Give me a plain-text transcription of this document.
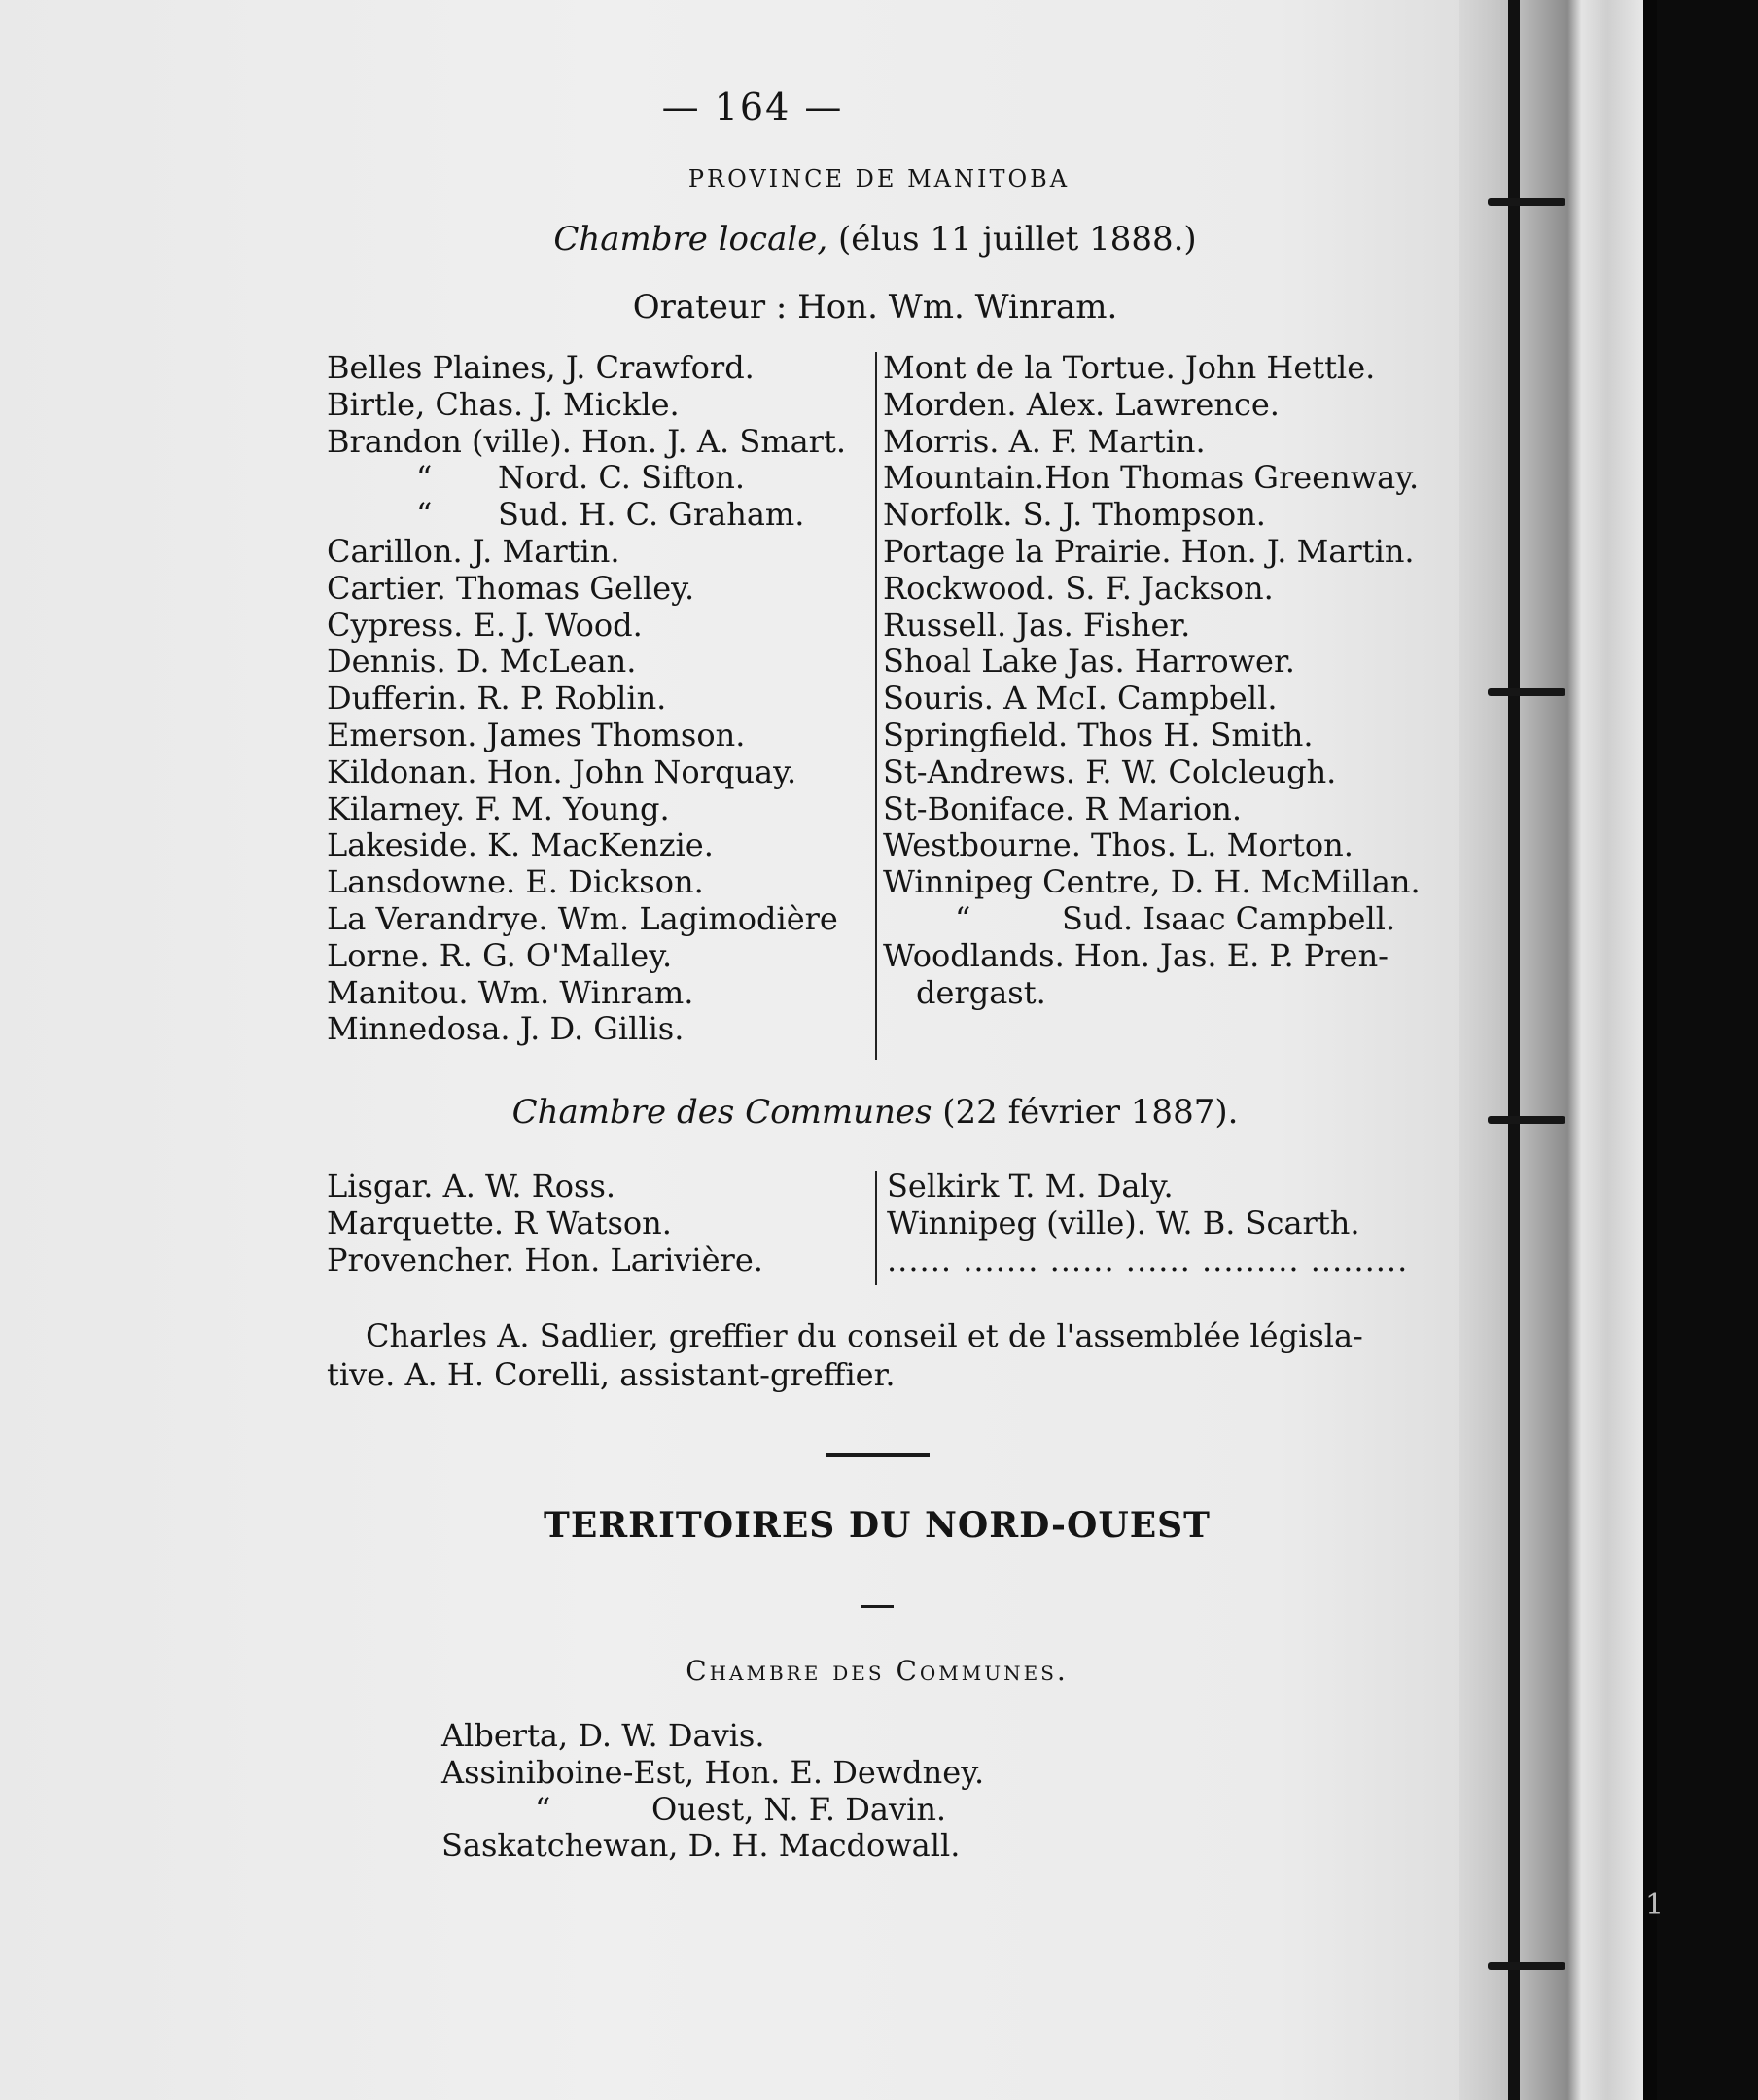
— 164 —
PROVINCE DE MANITOBA
Chambre locale, (élus 11 juillet 1888.)
Orateur : Hon. Wm. Winram.
Belles Plaines, J. Crawford.
Birtle, Chas. J. Mickle.
Brandon (ville). Hon. J. A. Smart.
“ Nord. C. Sifton.
“ Sud. H. C. Graham.
Carillon. J. Martin.
Cartier. Thomas Gelley.
Cypress. E. J. Wood.
Dennis. D. McLean.
Dufferin. R. P. Roblin.
Emerson. James Thomson.
Kildonan. Hon. John Norquay.
Kilarney. F. M. Young.
Lakeside. K. MacKenzie.
Lansdowne. E. Dickson.
La Verandrye. Wm. Lagimodière
Lorne. R. G. O'Malley.
Manitou. Wm. Winram.
Minnedosa. J. D. Gillis.
Mont de la Tortue. John Hettle.
Morden. Alex. Lawrence.
Morris. A. F. Martin.
Mountain.Hon Thomas Greenway.
Norfolk. S. J. Thompson.
Portage la Prairie. Hon. J. Martin.
Rockwood. S. F. Jackson.
Russell. Jas. Fisher.
Shoal Lake Jas. Harrower.
Souris. A McI. Campbell.
Springfield. Thos H. Smith.
St-Andrews. F. W. Colcleugh.
St-Boniface. R Marion.
Westbourne. Thos. L. Morton.
Winnipeg Centre, D. H. McMillan.
“	Sud. Isaac Campbell.
Woodlands. Hon. Jas. E. P. Pren-
dergast.
Chambre des Communes (22 février 1887).
Lisgar. A. W. Ross.
Marquette. R Watson.
Provencher. Hon. Larivière.
Selkirk T. M. Daly.
Winnipeg (ville). W. B. Scarth.
...... ....... ...... ...... ......... .........
Charles A. Sadlier, greffier du conseil et de l'assemblée législa-
tive. A. H. Corelli, assistant-greffier.
TERRITOIRES DU NORD-OUEST
Chambre des Communes.
Alberta, D. W. Davis.
Assiniboine-Est, Hon. E. Dewdney.
“	Ouest, N. F. Davin.
Saskatchewan, D. H. Macdowall.
1
